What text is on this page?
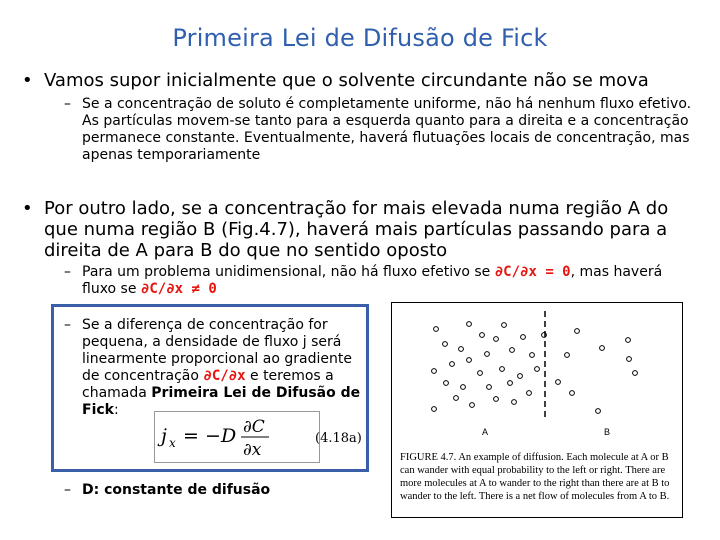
Primeira Lei de Difusão de Fick
• Vamos supor inicialmente que o solvente circundante não se mova
– Se a concentração de soluto é completamente uniforme, não há nenhum fluxo efetivo. As partículas movem-se tanto para a esquerda quanto para a direita e a concentração permanece constante. Eventualmente, haverá flutuações locais de concentração, mas apenas temporariamente
• Por outro lado, se a concentração for mais elevada numa região A do
que numa região B (Fig.4.7), haverá mais partículas passando para a
direita de A para B do que no sentido oposto
– Para um problema unidimensional, não há fluxo efetivo se ∂C/∂x = 0, mas haverá
fluxo se ∂C/∂x ≠ 0
– Se a diferença de concentração for
pequena, a densidade de fluxo j será
linearmente proporcional ao gradiente
de concentração ∂C/∂x e teremos a
chamada Primeira Lei de Difusão de
Fick:
j x = − D ∂C
∂x
(4.18a)
– D: constante de difusão
A	B
FIGURE 4.7. An example of diffusion. Each molecule at A or B can wander with equal probability to the left or right. There are more molecules at A to wander to the right than there are at B to wander to the left. There is a net flow of molecules from A to B.
